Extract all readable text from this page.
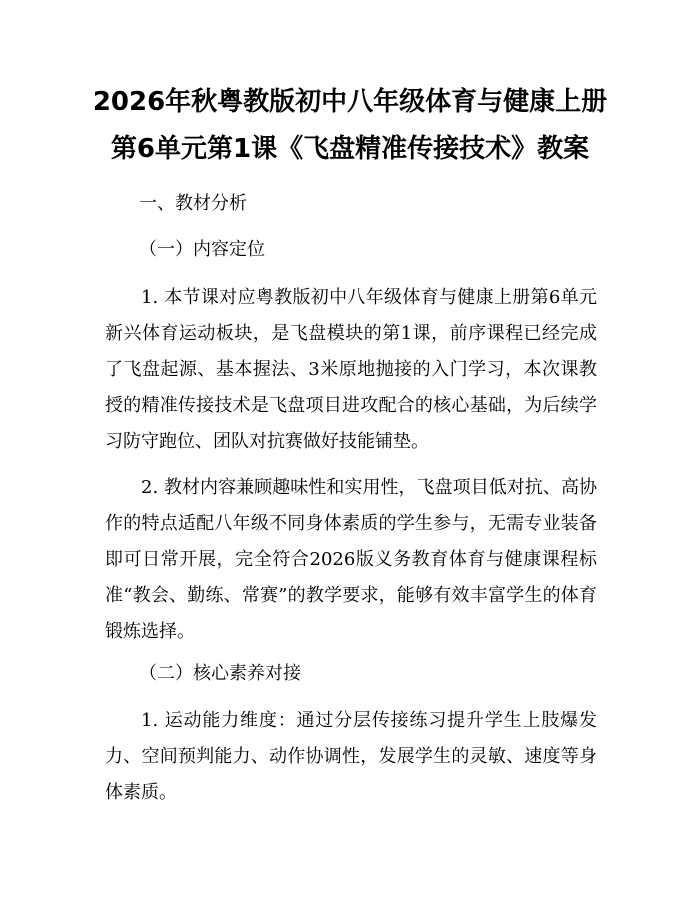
2026年秋粤教版初中八年级体育与健康上册
第6单元第1课《飞盘精准传接技术》教案
一、教材分析
（一）内容定位

1. 本节课对应粤教版初中八年级体育与健康上册第6单元新兴体育运动板块，是飞盘模块的第1课，前序课程已经完成了飞盘起源、基本握法、3米原地抛接的入门学习，本次课教授的精准传接技术是飞盘项目进攻配合的核心基础，为后续学习防守跑位、团队对抗赛做好技能铺垫。

2. 教材内容兼顾趣味性和实用性，飞盘项目低对抗、高协作的特点适配八年级不同身体素质的学生参与，无需专业装备即可日常开展，完全符合2026版义务教育体育与健康课程标准“教会、勤练、常赛”的教学要求，能够有效丰富学生的体育锻炼选择。

（二）核心素养对接

1. 运动能力维度：通过分层传接练习提升学生上肢爆发力、空间预判能力、动作协调性，发展学生的灵敏、速度等身体素质。
